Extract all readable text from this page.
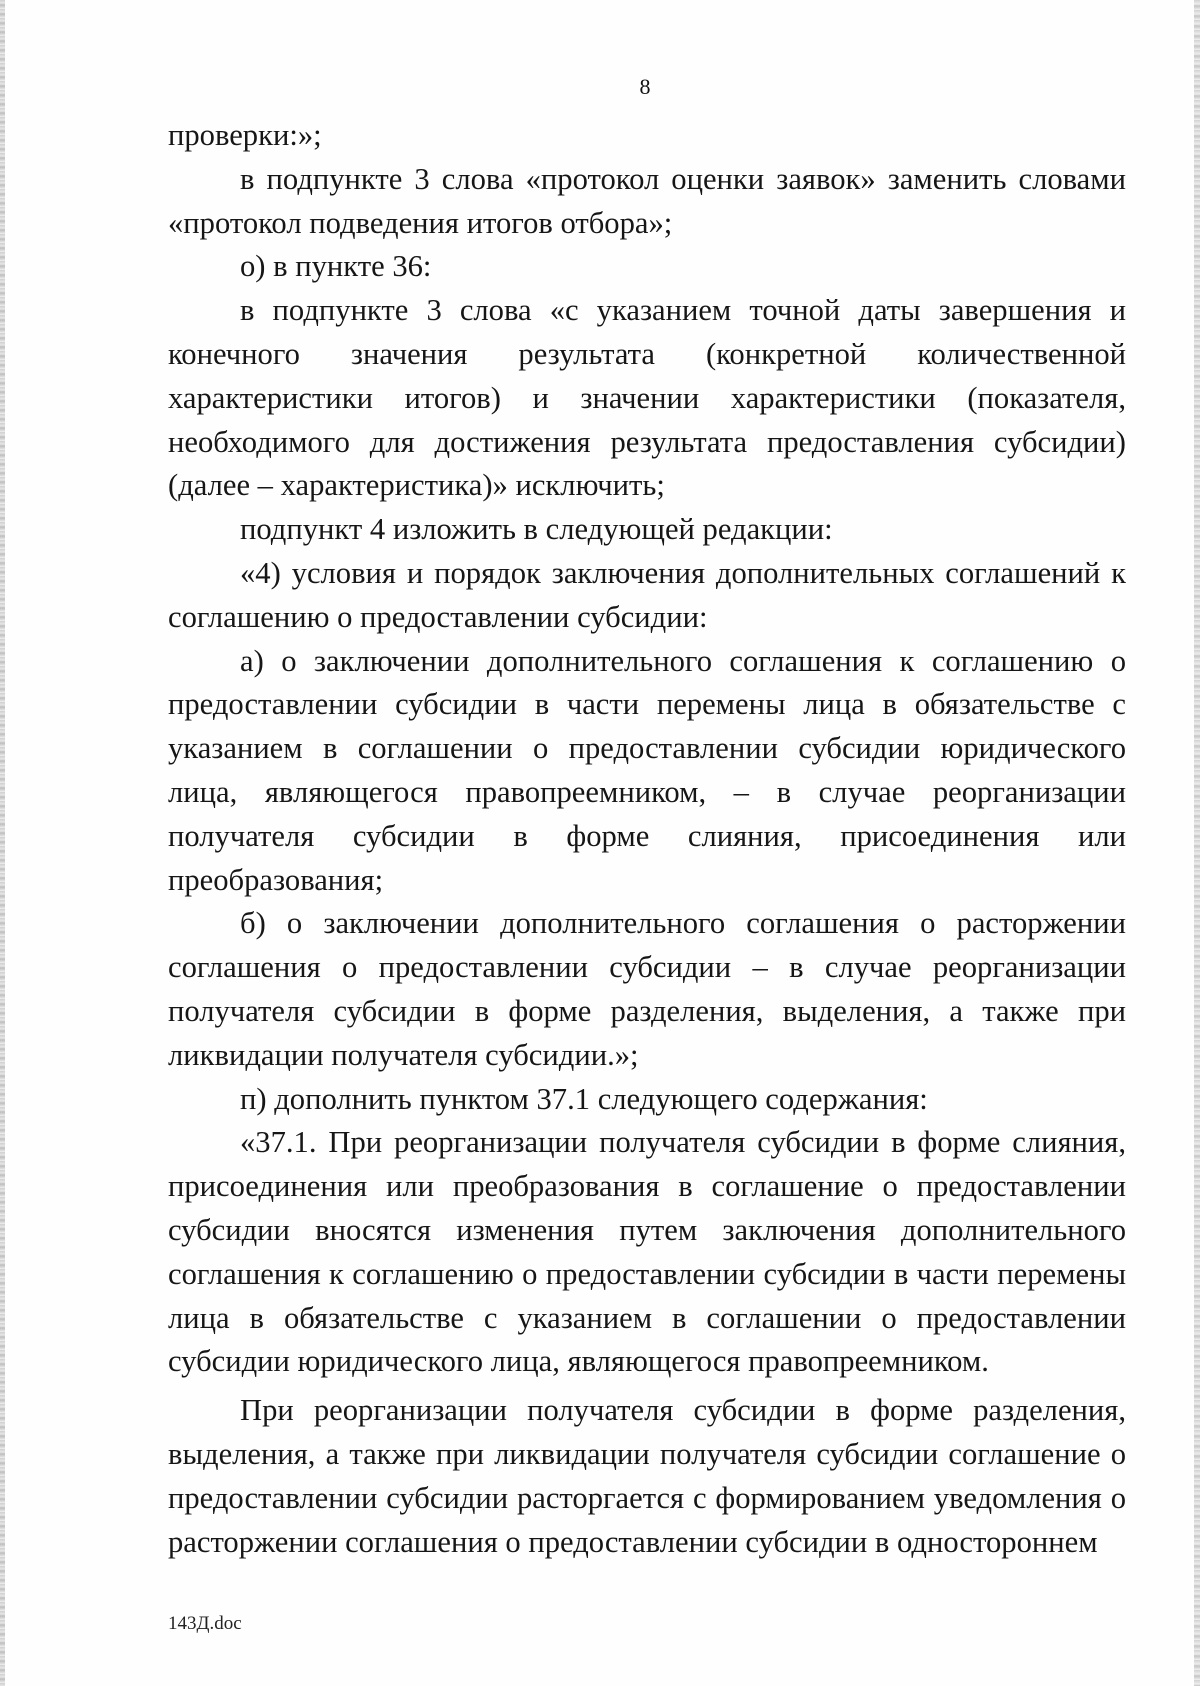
8

проверки:»;

в подпункте 3 слова «протокол оценки заявок» заменить словами «протокол подведения итогов отбора»;

о) в пункте 36:

в подпункте 3 слова «с указанием точной даты завершения и конечного значения результата (конкретной количественной характеристики итогов) и значении характеристики (показателя, необходимого для достижения результата предоставления субсидии) (далее – характеристика)» исключить;

подпункт 4 изложить в следующей редакции:

«4) условия и порядок заключения дополнительных соглашений к соглашению о предоставлении субсидии:

а) о заключении дополнительного соглашения к соглашению о предоставлении субсидии в части перемены лица в обязательстве с указанием в соглашении о предоставлении субсидии юридического лица, являющегося правопреемником, – в случае реорганизации получателя субсидии в форме слияния, присоединения или преобразования;

б) о заключении дополнительного соглашения о расторжении соглашения о предоставлении субсидии – в случае реорганизации получателя субсидии в форме разделения, выделения, а также при ликвидации получателя субсидии.»;

п) дополнить пунктом 37.1 следующего содержания:

«37.1. При реорганизации получателя субсидии в форме слияния, присоединения или преобразования в соглашение о предоставлении субсидии вносятся изменения путем заключения дополнительного соглашения к соглашению о предоставлении субсидии в части перемены лица в обязательстве с указанием в соглашении о предоставлении субсидии юридического лица, являющегося правопреемником.

При реорганизации получателя субсидии в форме разделения, выделения, а также при ликвидации получателя субсидии соглашение о предоставлении субсидии расторгается с формированием уведомления о расторжении соглашения о предоставлении субсидии в одностороннем

143Д.doc
